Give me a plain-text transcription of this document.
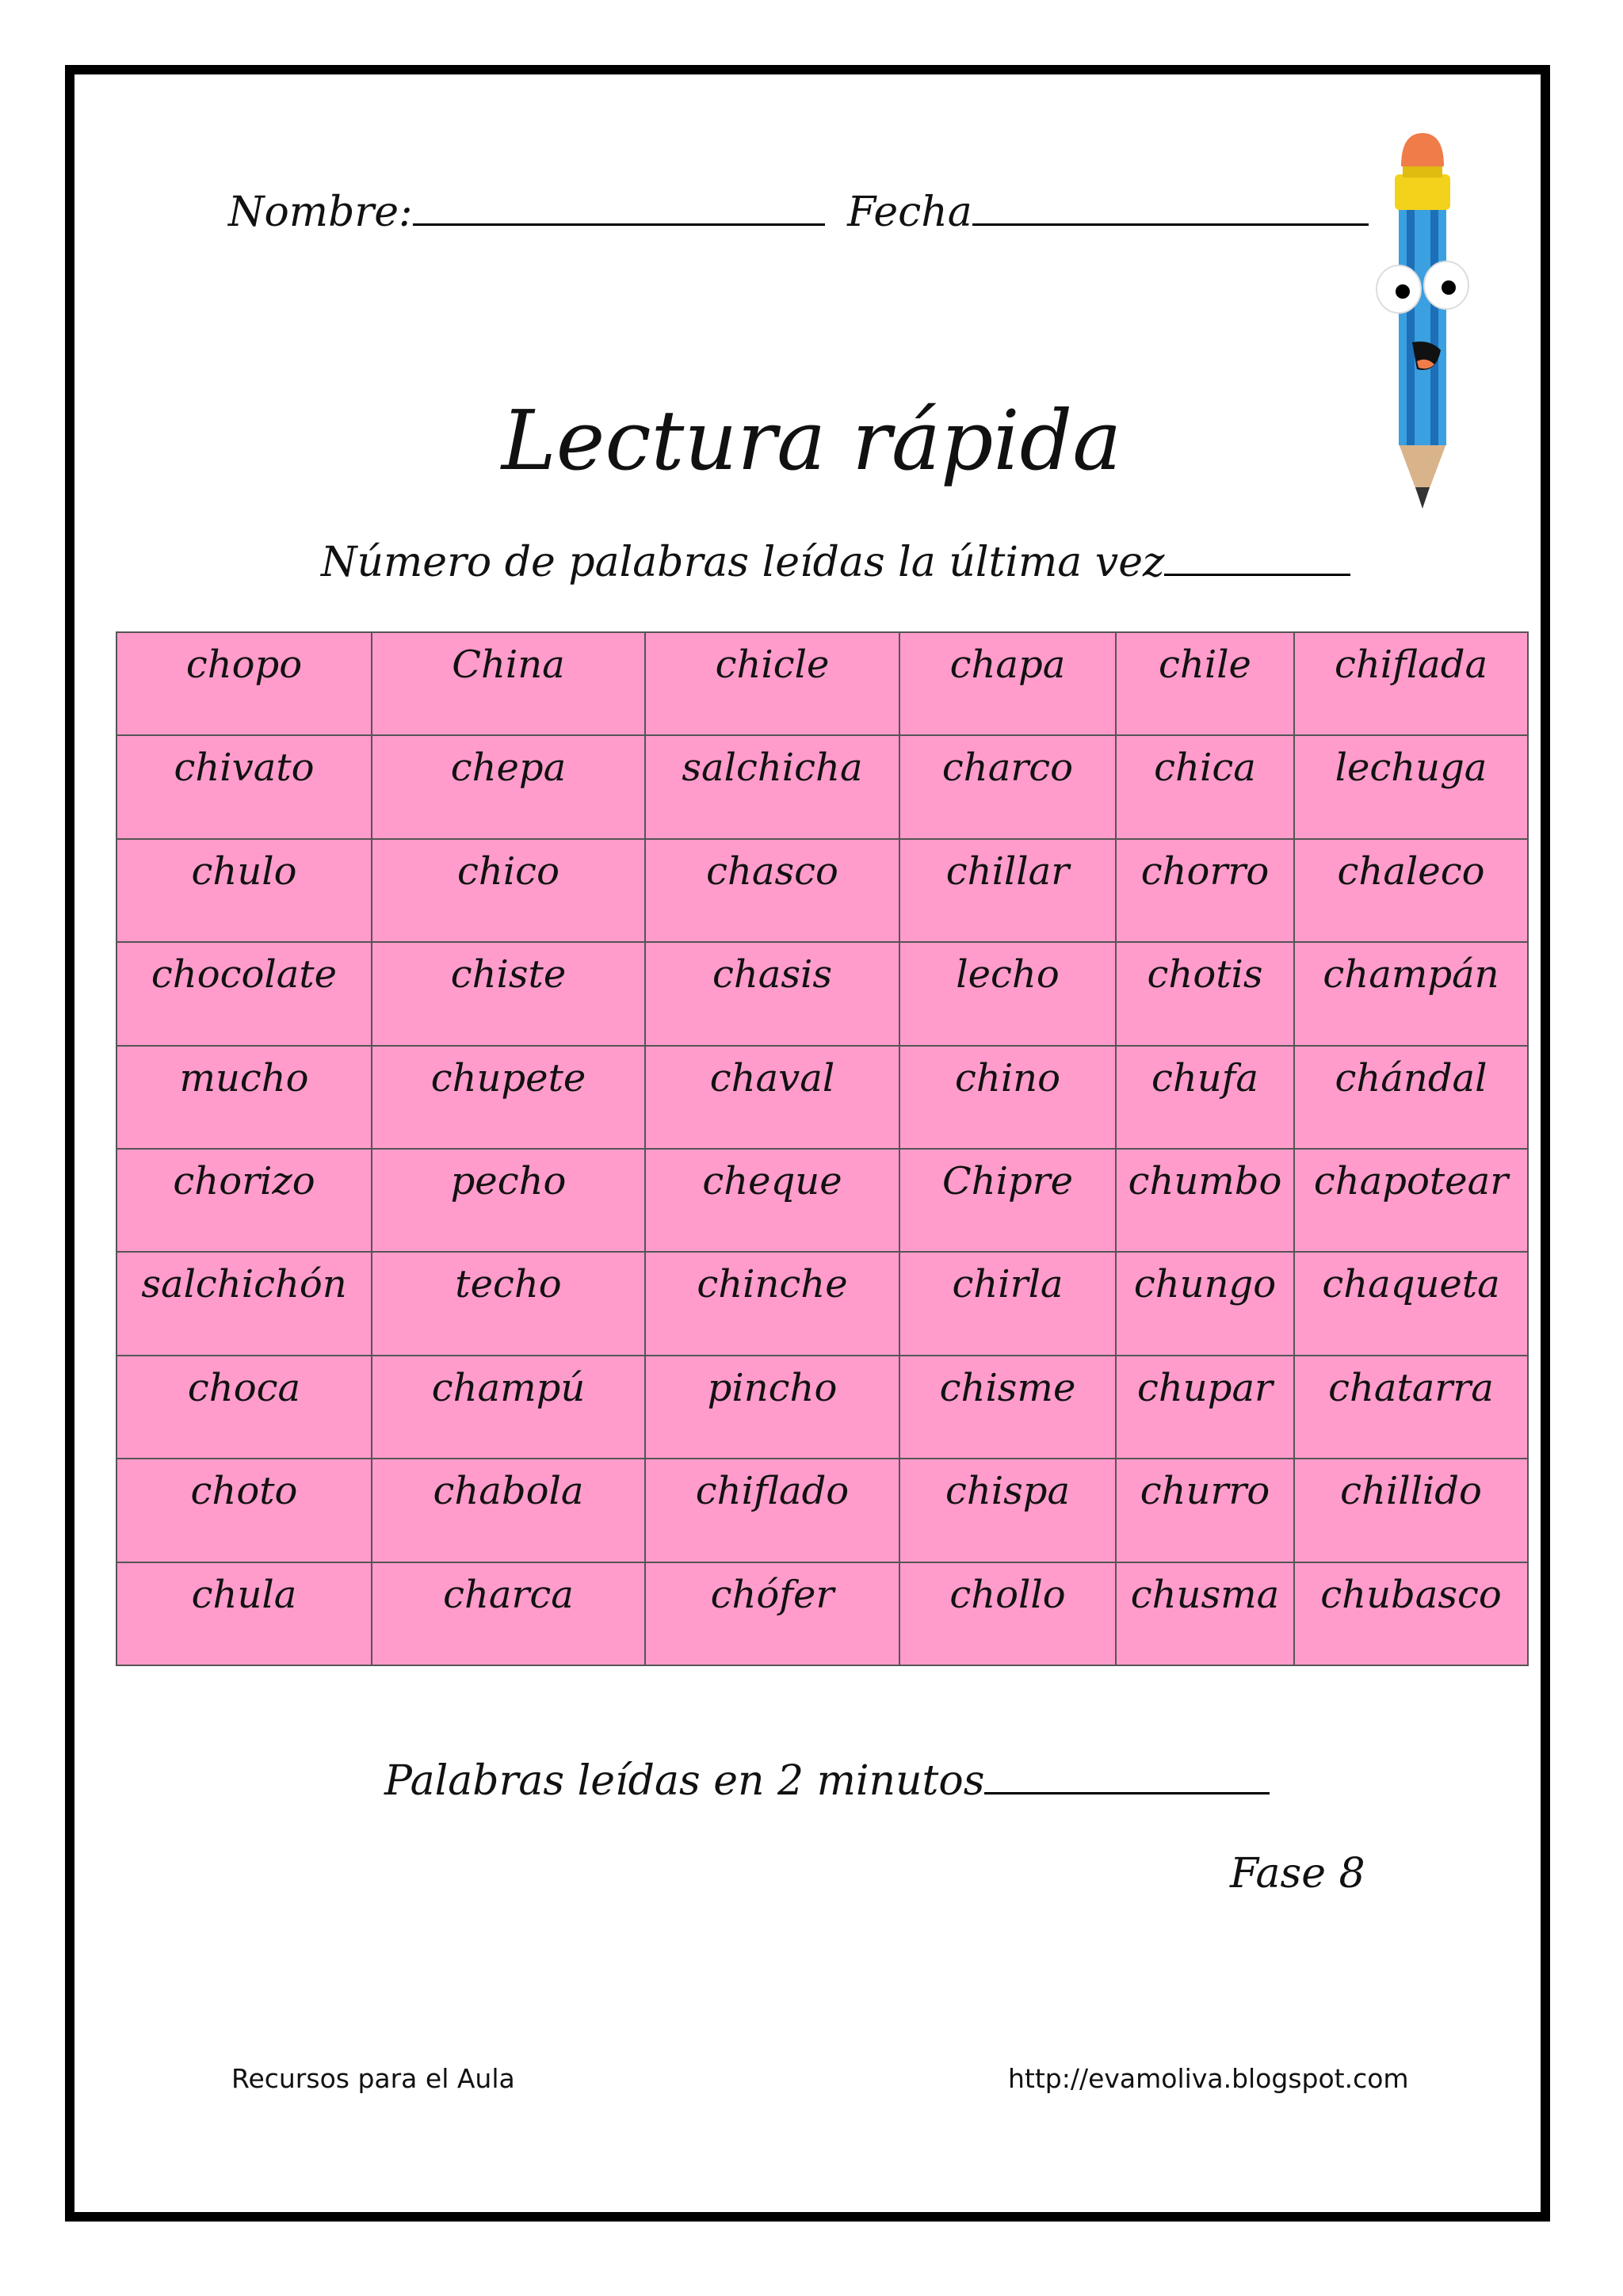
Nombre:	Fecha
Lectura rápida
Número de palabras leídas la última vez
chopo	China	chicle	chapa	chile	chiflada
chivato	chepa	salchicha	charco	chica	lechuga
chulo	chico	chasco	chillar	chorro	chaleco
chocolate	chiste	chasis	lecho	chotis	champán
mucho	chupete	chaval	chino	chufa	chándal
chorizo	pecho	cheque	Chipre	chumbo	chapotear
salchichón	techo	chinche	chirla	chungo	chaqueta
choca	champú	pincho	chisme	chupar	chatarra
choto	chabola	chiflado	chispa	churro	chillido
chula	charca	chófer	chollo	chusma	chubasco
Palabras leídas en 2 minutos
Fase 8
Recursos para el Aula	http://evamoliva.blogspot.com
